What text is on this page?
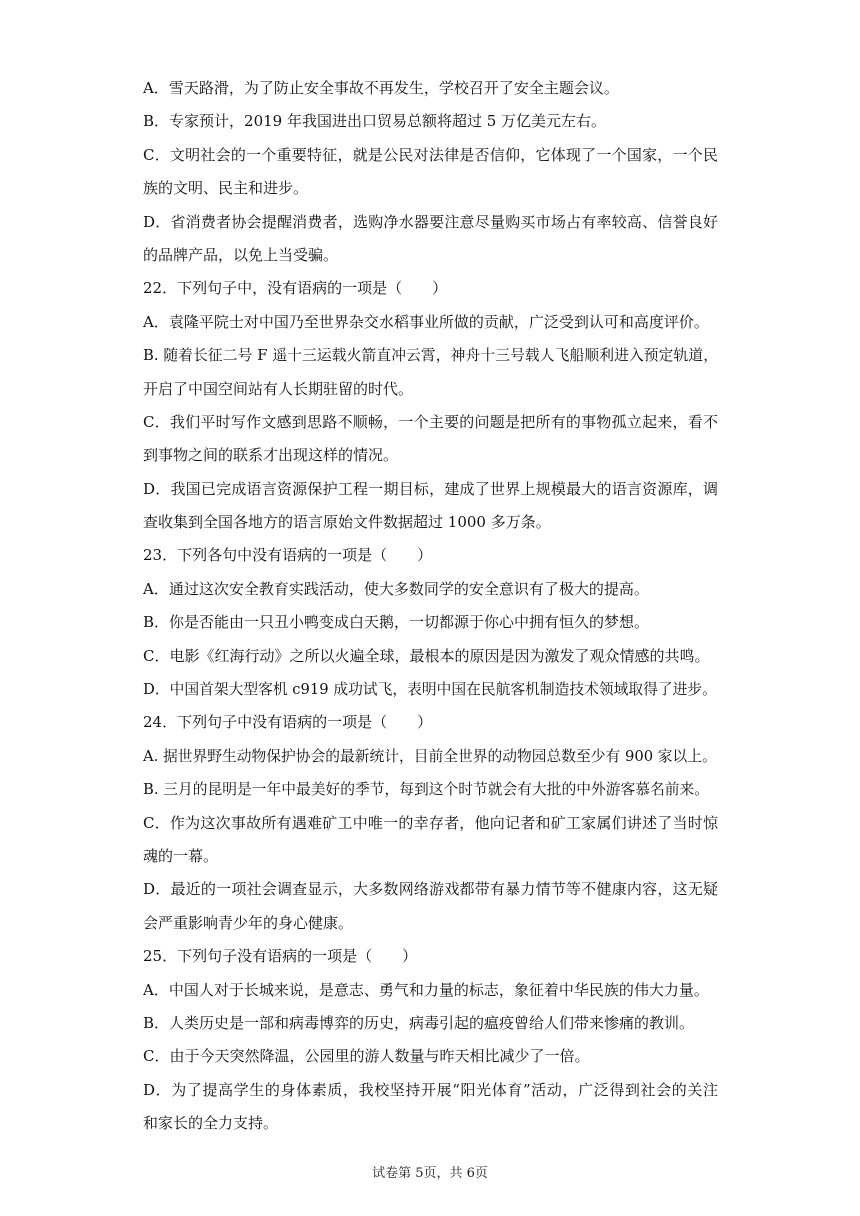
A．雪天路滑，为了防止安全事故不再发生，学校召开了安全主题会议。
B．专家预计，2019 年我国进出口贸易总额将超过 5 万亿美元左右。
C．文明社会的一个重要特征，就是公民对法律是否信仰，它体现了一个国家，一个民
族的文明、民主和进步。
D．省消费者协会提醒消费者，选购净水器要注意尽量购买市场占有率较高、信誉良好
的品牌产品，以免上当受骗。
22．下列句子中，没有语病的一项是（　　）
A．袁隆平院士对中国乃至世界杂交水稻事业所做的贡献，广泛受到认可和高度评价。
B. 随着长征二号 F 遥十三运载火箭直冲云霄，神舟十三号载人飞船顺利进入预定轨道，
开启了中国空间站有人长期驻留的时代。
C．我们平时写作文感到思路不顺畅，一个主要的问题是把所有的事物孤立起来，看不
到事物之间的联系才出现这样的情况。
D．我国已完成语言资源保护工程一期目标，建成了世界上规模最大的语言资源库，调
查收集到全国各地方的语言原始文件数据超过 1000 多万条。
23．下列各句中没有语病的一项是（　　）
A．通过这次安全教育实践活动，使大多数同学的安全意识有了极大的提高。
B．你是否能由一只丑小鸭变成白天鹅，一切都源于你心中拥有恒久的梦想。
C．电影《红海行动》之所以火遍全球，最根本的原因是因为激发了观众情感的共鸣。
D．中国首架大型客机 c919 成功试飞，表明中国在民航客机制造技术领域取得了进步。
24．下列句子中没有语病的一项是（　　）
A. 据世界野生动物保护协会的最新统计，目前全世界的动物园总数至少有 900 家以上。
B. 三月的昆明是一年中最美好的季节，每到这个时节就会有大批的中外游客慕名前来。
C．作为这次事故所有遇难矿工中唯一的幸存者，他向记者和矿工家属们讲述了当时惊
魂的一幕。
D．最近的一项社会调查显示，大多数网络游戏都带有暴力情节等不健康内容，这无疑
会严重影响青少年的身心健康。
25．下列句子没有语病的一项是（　　）
A．中国人对于长城来说，是意志、勇气和力量的标志，象征着中华民族的伟大力量。
B．人类历史是一部和病毒博弈的历史，病毒引起的瘟疫曾给人们带来惨痛的教训。
C．由于今天突然降温，公园里的游人数量与昨天相比减少了一倍。
D．为了提高学生的身体素质，我校坚持开展“阳光体育”活动，广泛得到社会的关注
和家长的全力支持。
试卷第 5页，共 6页
